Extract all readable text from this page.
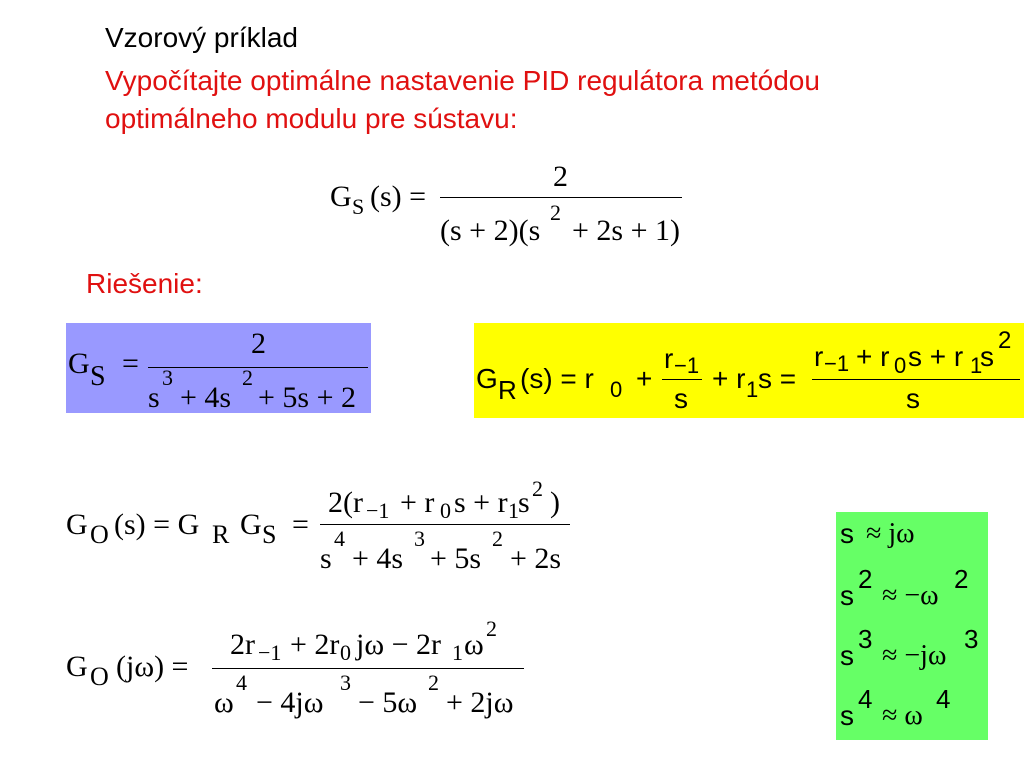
Vzorový príklad
Vypočítajte optimálne nastavenie PID regulátora metódou
optimálneho modulu pre sústavu:
G S (s) =
2
(s + 2)(s
2
+ 2s + 1)
Riešenie:
G S =
2
s
3
+ 4s
2
+ 5s + 2
G R (s) = r 0 +
r −1
s
+ r 1 s =
r −1 + r 0 s + r 1
s
2
s
G O (s) = G R G S =
2(r −1 + r 0 s + r 1 s 2 )
s
4
+ 4s
3
+ 5s
2
+ 2s
G O (jω) =
2r −1 + 2r 0 jω − 2r 1 ω 2
ω
4
− 4jω
3
− 5ω
2
+ 2jω
s ≈ jω
s
2
≈ −ω
2
s
3
≈ −jω
3
s
4
≈ ω
4
